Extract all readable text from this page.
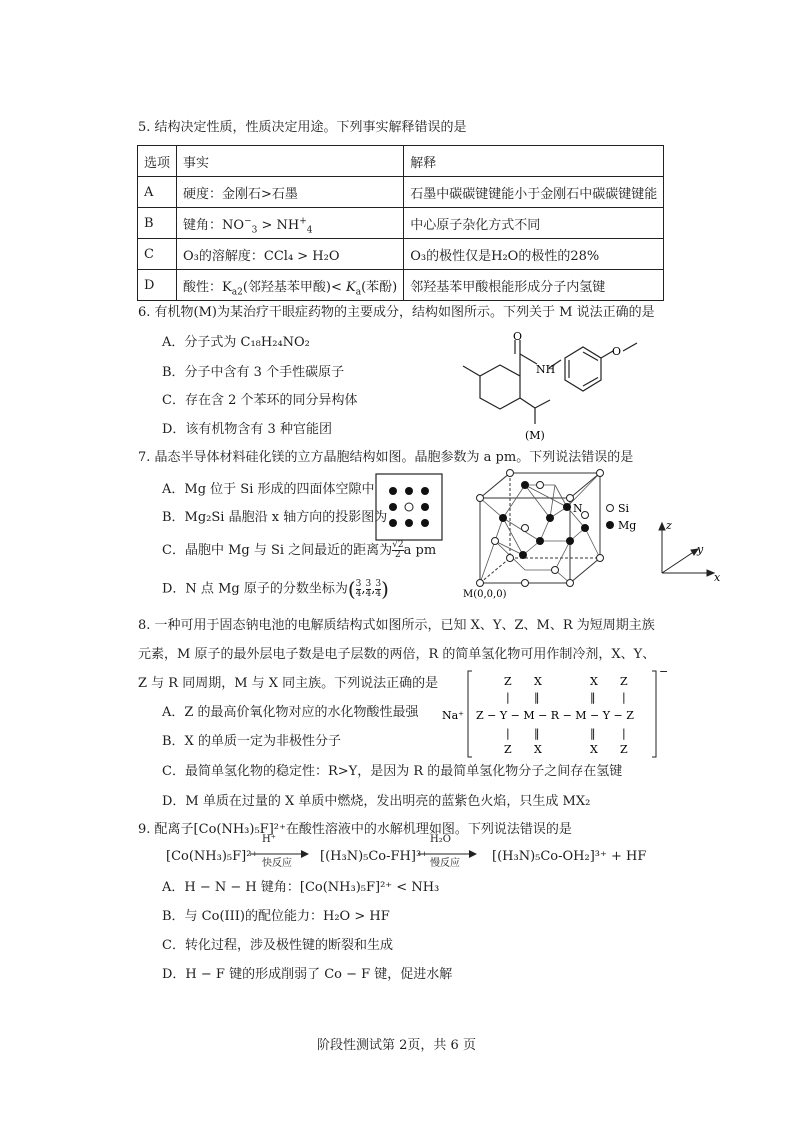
5. 结构决定性质，性质决定用途。下列事实解释错误的是
选项	事实	解释
A	硬度：金刚石>石墨	石墨中碳碳键键能小于金刚石中碳碳键键能
B	键角：$NO^-_3 > NH^+_4$	中心原子杂化方式不同
C	O₃的溶解度：CCl₄ > H₂O	O₃的极性仅是H₂O的极性的28%
D	酸性：$K_{a2}$(邻羟基苯甲酸)< $K_a$(苯酚)	邻羟基苯甲酸根能形成分子内氢键
6. 有机物(M)为某治疗干眼症药物的主要成分，结构如图所示。下列关于 M 说法正确的是
A．分子式为 C₁₈H₂₄NO₂
B．分子中含有 3 个手性碳原子
C．存在含 2 个苯环的同分异构体
D．该有机物含有 3 种官能团
O
NH
O
(M)
7. 晶态半导体材料硅化镁的立方晶胞结构如图。晶胞参数为 a pm。下列说法错误的是
A．Mg 位于 Si 形成的四面体空隙中
B．Mg₂Si 晶胞沿 x 轴方向的投影图为
C．晶胞中 Mg 与 Si 之间最近的距离为 $\frac{√2}{2}$ a pm
D．N 点 Mg 原子的分数坐标为( $\frac{3}{4}$ , $\frac{3}{4}$ , $\frac{3}{4}$ )
N
M(0,0,0)
Si
Mg	z
y
x
8. 一种可用于固态钠电池的电解质结构式如图所示，已知 X、Y、Z、M、R 为短周期主族
元素，M 原子的最外层电子数是电子层数的两倍，R 的简单氢化物可用作制冷剂，X、Y、
Z 与 R 同周期，M 与 X 同主族。下列说法正确的是
A．Z 的最高价氧化物对应的水化物酸性最强
B．X 的单质一定为非极性分子
C．最简单氢化物的稳定性：R>Y，是因为 R 的最简单氢化物分子之间存在氢键
D．M 单质在过量的 X 单质中燃烧，发出明亮的蓝紫色火焰，只生成 MX₂
Na⁺
−
Z X	X Z
| ‖	‖ |
Z − Y − M − R − M − Y − Z
| ‖	‖ |
Z X	X Z
9. 配离子[Co(NH₃)₅F]²⁺在酸性溶液中的水解机理如图。下列说法错误的是
[Co(NH₃)₅F]²⁺
H⁺
快反应 [(H₃N)₅Co-FH]³⁺
H₂O
慢反应 [(H₃N)₅Co-OH₂]³⁺ + HF
A．H − N − H 键角：[Co(NH₃)₅F]²⁺ < NH₃
B．与 Co(III)的配位能力：H₂O > HF
C．转化过程，涉及极性键的断裂和生成
D．H − F 键的形成削弱了 Co − F 键，促进水解
阶段性测试第 2页，共 6 页
